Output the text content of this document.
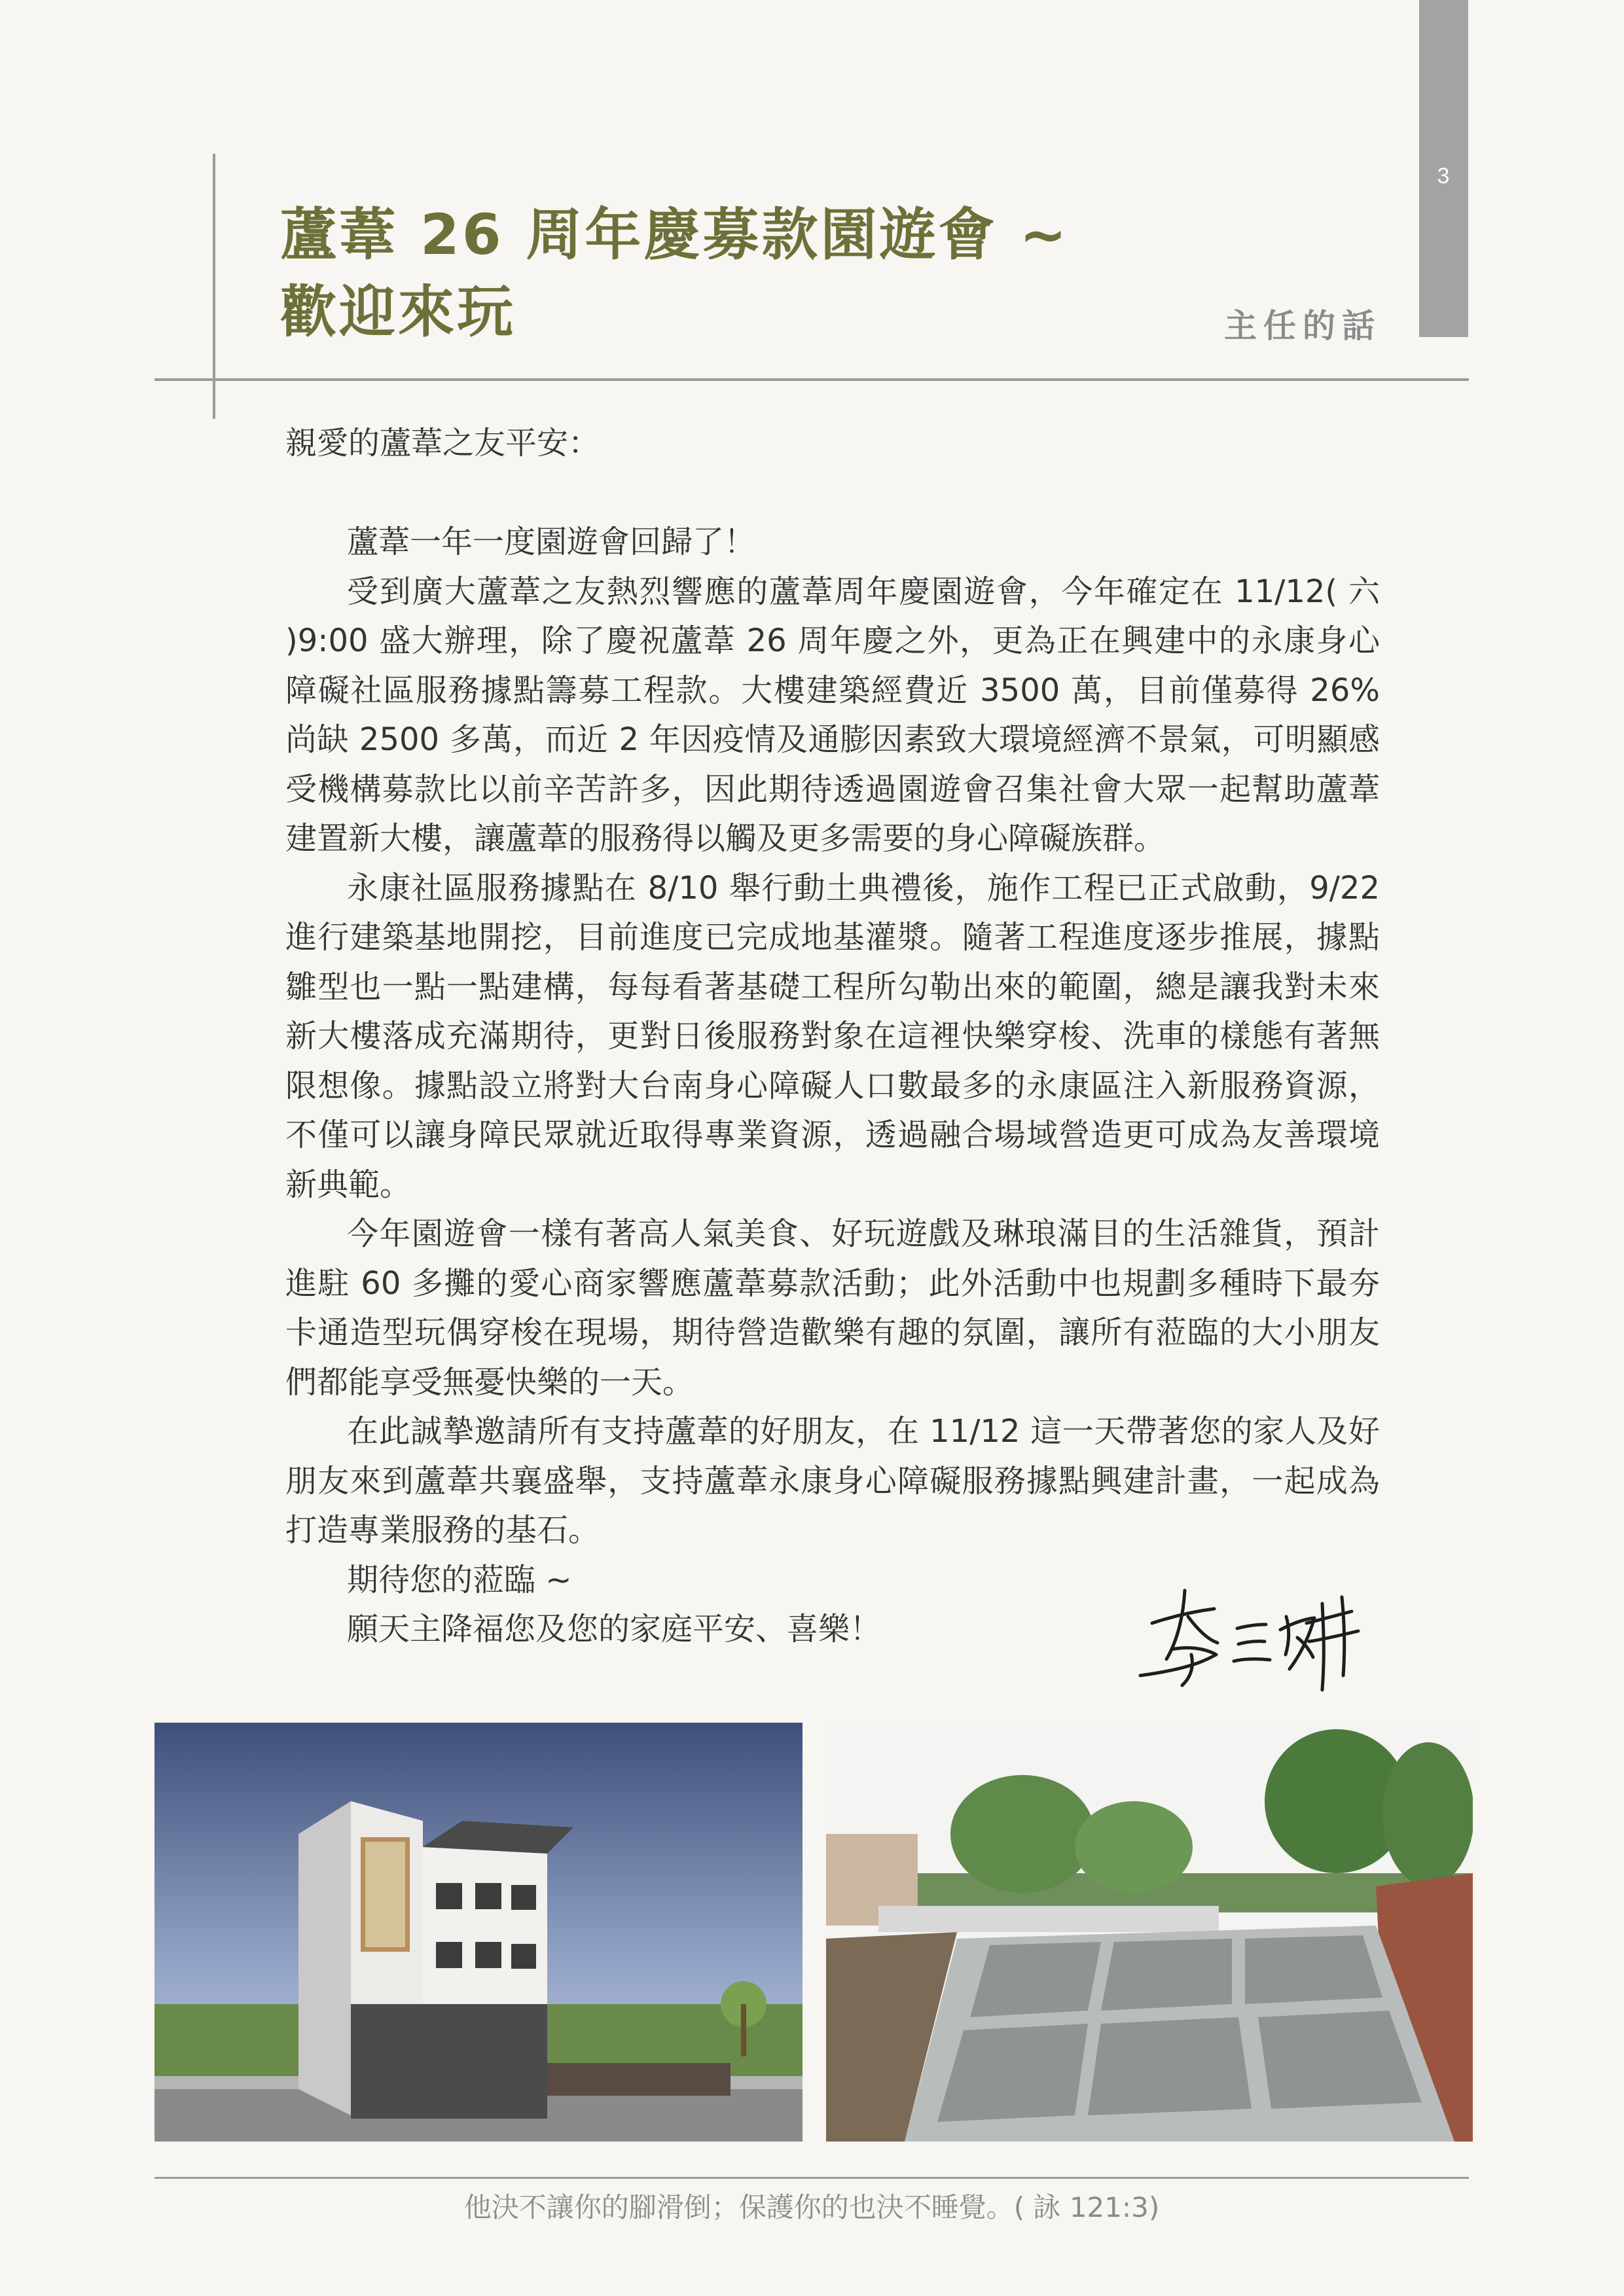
3
蘆葦 26 周年慶募款園遊會 ~
歡迎來玩	主任的話

親愛的蘆葦之友平安：

蘆葦一年一度園遊會回歸了！

受到廣大蘆葦之友熱烈響應的蘆葦周年慶園遊會，今年確定在 11/12( 六 )9:00 盛大辦理，除了慶祝蘆葦 26 周年慶之外，更為正在興建中的永康身心障礙社區服務據點籌募工程款。大樓建築經費近 3500 萬，目前僅募得 26% 尚缺 2500 多萬，而近 2 年因疫情及通膨因素致大環境經濟不景氣，可明顯感受機構募款比以前辛苦許多，因此期待透過園遊會召集社會大眾一起幫助蘆葦建置新大樓，讓蘆葦的服務得以觸及更多需要的身心障礙族群。

永康社區服務據點在 8/10 舉行動土典禮後，施作工程已正式啟動，9/22 進行建築基地開挖，目前進度已完成地基灌漿。隨著工程進度逐步推展，據點雛型也一點一點建構，每每看著基礎工程所勾勒出來的範圍，總是讓我對未來新大樓落成充滿期待，更對日後服務對象在這裡快樂穿梭、洗車的樣態有著無限想像。據點設立將對大台南身心障礙人口數最多的永康區注入新服務資源，不僅可以讓身障民眾就近取得專業資源，透過融合場域營造更可成為友善環境新典範。

今年園遊會一樣有著高人氣美食、好玩遊戲及琳琅滿目的生活雜貨，預計進駐 60 多攤的愛心商家響應蘆葦募款活動；此外活動中也規劃多種時下最夯卡通造型玩偶穿梭在現場，期待營造歡樂有趣的氛圍，讓所有蒞臨的大小朋友們都能享受無憂快樂的一天。

在此誠摯邀請所有支持蘆葦的好朋友，在 11/12 這一天帶著您的家人及好朋友來到蘆葦共襄盛舉，支持蘆葦永康身心障礙服務據點興建計畫，一起成為打造專業服務的基石。

期待您的蒞臨 ~

願天主降福您及您的家庭平安、喜樂！

他決不讓你的腳滑倒；保護你的也決不睡覺。( 詠 121:3)
